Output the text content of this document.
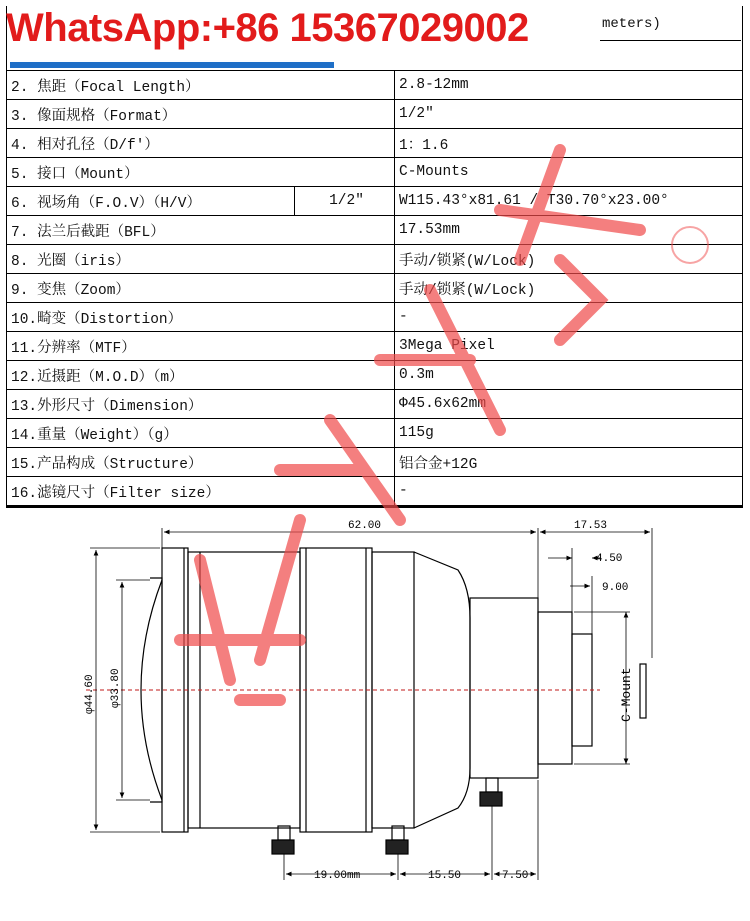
WhatsApp:+86 15367029002	meters)
2. 焦距（Focal Length）		2.8-12mm
3. 像面规格（Format）		1/2″
4. 相对孔径（D/f′）		1：1.6
5. 接口（Mount）		C-Mounts
6. 视场角（F.O.V）（H/V）	1/2″	W115.43°x81.61 / T30.70°x23.00°
7. 法兰后截距（BFL）		17.53mm
8. 光圈（iris）		手动/锁紧(W/Lock)
9. 变焦（Zoom）		手动/锁紧(W/Lock)
10.畸变（Distortion）		-
11.分辨率（MTF）		3Mega Pixel
12.近摄距（M.O.D）（m）		0.3m
13.外形尺寸（Dimension）		Φ45.6x62mm
14.重量（Weight）（g）		115g
15.产品构成（Structure）		铝合金+12G
16.滤镜尺寸（Filter size）		-
62.00	17.53
4.50
9.00
φ44.60 φ33.80	C-Mount
19.00mm	15.50	7.50
